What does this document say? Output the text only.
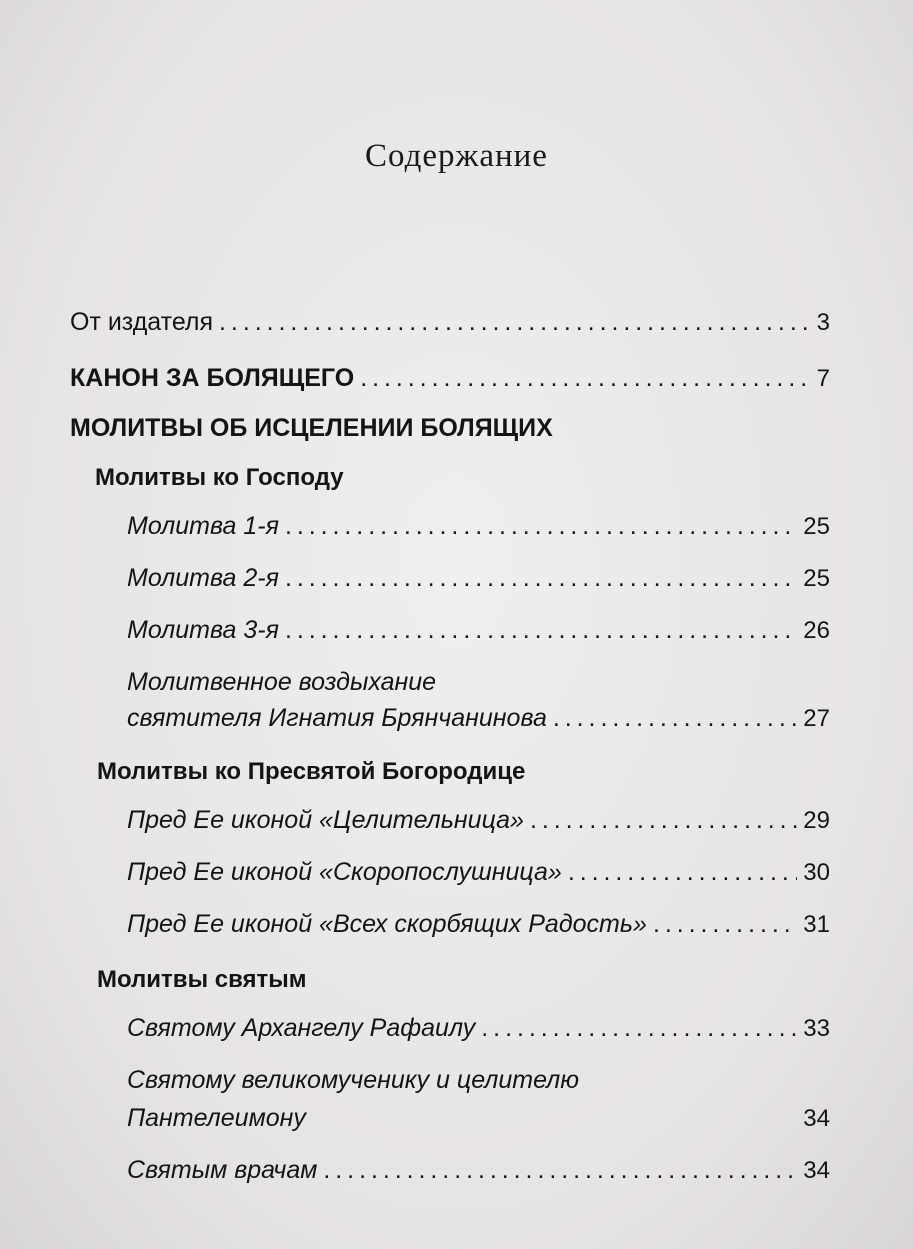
Содержание
От издателя . . .	3
КАНОН ЗА БОЛЯЩЕГО . . .	7
МОЛИТВЫ ОБ ИСЦЕЛЕНИИ БОЛЯЩИХ
Молитвы ко Господу
Молитва 1-я . . .	25
Молитва 2-я . . .	25
Молитва 3-я . . .	26
Молитвенное воздыхание
святителя Игнатия Брянчанинова . . .	27
Молитвы ко Пресвятой Богородице
Пред Ее иконой «Целительница» . . .	29
Пред Ее иконой «Скоропослушница» . . .	30
Пред Ее иконой «Всех скорбящих Радость» . . .	31
Молитвы святым
Святому Архангелу Рафаилу . . .	33
Святому великомученику и целителю
Пантелеимону	34
Святым врачам . . .	34
